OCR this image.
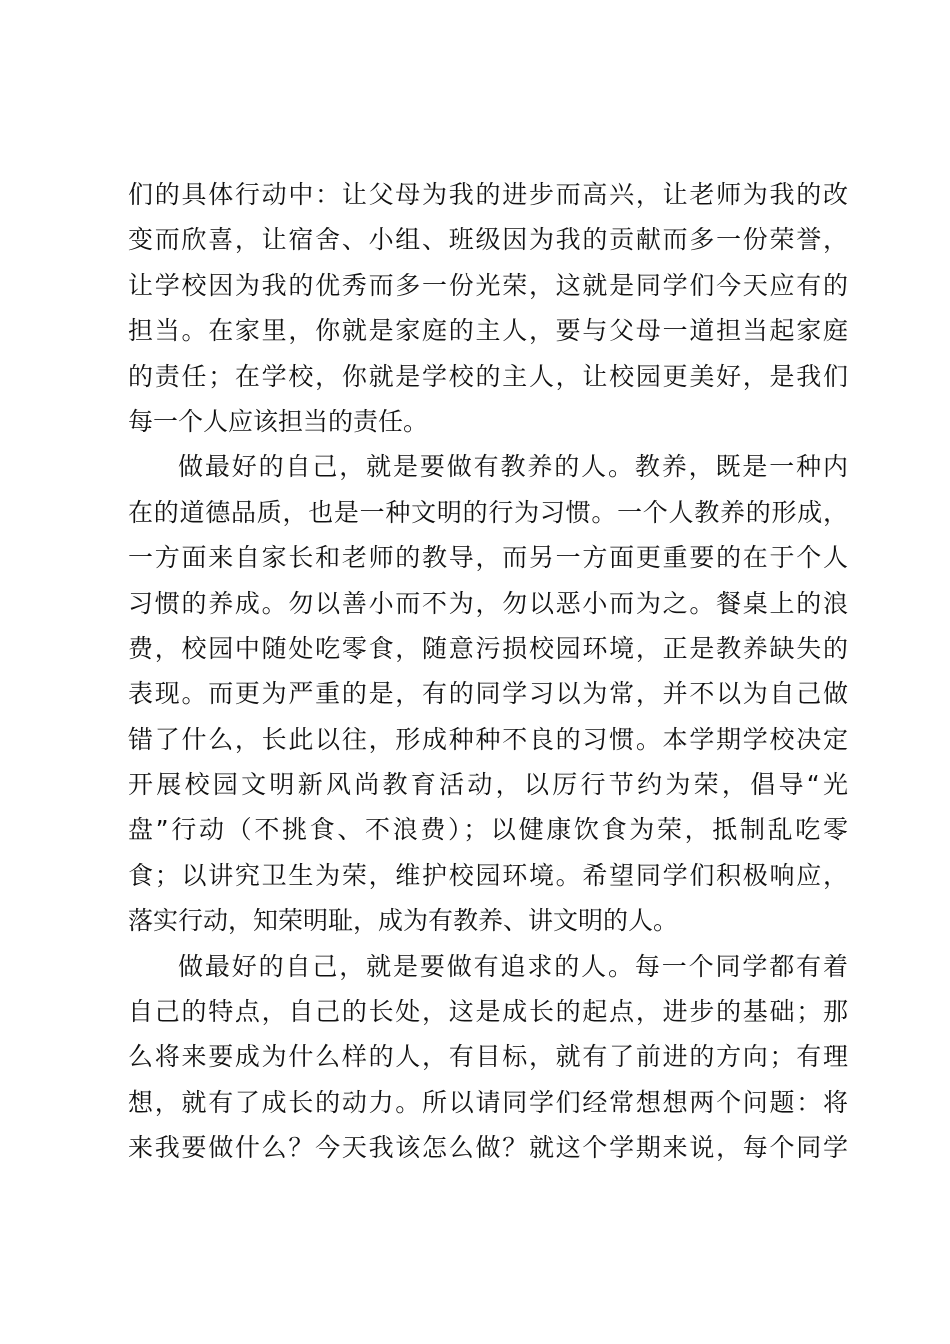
们的具体行动中：让父母为我的进步而高兴，让老师为我的改
变而欣喜，让宿舍、小组、班级因为我的贡献而多一份荣誉，
让学校因为我的优秀而多一份光荣，这就是同学们今天应有的
担当。在家里，你就是家庭的主人，要与父母一道担当起家庭
的责任；在学校，你就是学校的主人，让校园更美好，是我们
每一个人应该担当的责任。
做最好的自己，就是要做有教养的人。教养，既是一种内
在的道德品质，也是一种文明的行为习惯。一个人教养的形成，
一方面来自家长和老师的教导，而另一方面更重要的在于个人
习惯的养成。勿以善小而不为，勿以恶小而为之。餐桌上的浪
费，校园中随处吃零食，随意污损校园环境，正是教养缺失的
表现。而更为严重的是，有的同学习以为常，并不以为自己做
错了什么，长此以往，形成种种不良的习惯。本学期学校决定
开展校园文明新风尚教育活动，以厉行节约为荣，倡导“光
盘”行动（不挑食、不浪费）；以健康饮食为荣，抵制乱吃零
食；以讲究卫生为荣，维护校园环境。希望同学们积极响应，
落实行动，知荣明耻，成为有教养、讲文明的人。
做最好的自己，就是要做有追求的人。每一个同学都有着
自己的特点，自己的长处，这是成长的起点，进步的基础；那
么将来要成为什么样的人，有目标，就有了前进的方向；有理
想，就有了成长的动力。所以请同学们经常想想两个问题：将
来我要做什么？今天我该怎么做？就这个学期来说，每个同学
